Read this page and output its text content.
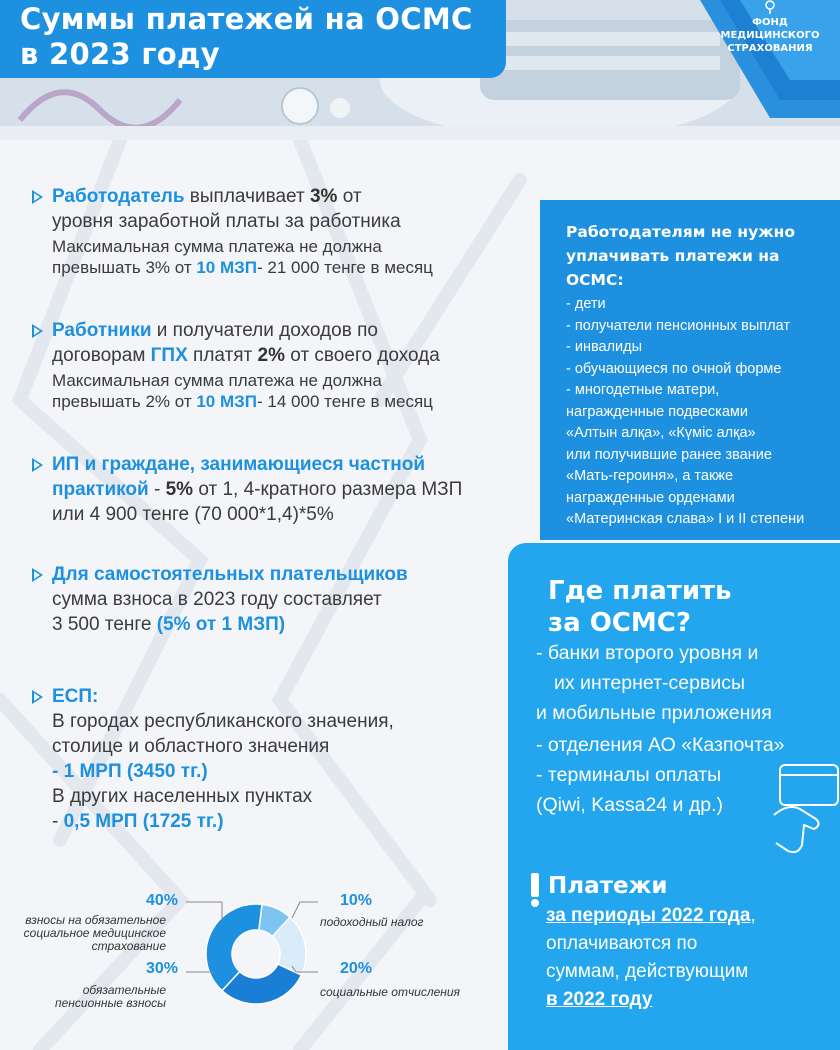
Суммы платежей на ОСМС
в 2023 году
ФОНД
МЕДИЦИНСКОГО
СТРАХОВАНИЯ
Работодатель выплачивает 3% от
уровня заработной платы за работника
Максимальная сумма платежа не должна
превышать 3% от 10 МЗП- 21 000 тенге в месяц
Работники и получатели доходов по
договорам ГПХ платят 2% от своего дохода
Максимальная сумма платежа не должна
превышать 2% от 10 МЗП- 14 000 тенге в месяц
ИП и граждане, занимающиеся частной
практикой - 5% от 1, 4-кратного размера МЗП
или 4 900 тенге (70 000*1,4)*5%
Для самостоятельных плательщиков
сумма взноса в 2023 году составляет
3 500 тенге (5% от 1 МЗП)
ЕСП:
В городах республиканского значения,
столице и областного значения
- 1 МРП (3450 тг.)
В других населенных пунктах
- 0,5 МРП (1725 тг.)
Работодателям не нужно
уплачивать платежи на ОСМС:
- дети
- получатели пенсионных выплат
- инвалиды
- обучающиеся по очной форме
- многодетные матери,
награжденные подвесками
«Алтын алқа», «Күміс алқа»
или получившие ранее звание
«Мать-героиня», а также
награжденные орденами
«Материнская слава» I и II степени
Где платить
за ОСМС?
- банки второго уровня и
их интернет-сервисы
и мобильные приложения
- отделения АО «Казпочта»
- терминалы оплаты
(Qiwi, Kassa24 и др.)
Платежи
за периоды 2022 года,
оплачиваются по
суммам, действующим
в 2022 году
40%
взносы на обязательное социальное медицинское страхование
10%
подоходный налог
20%
социальные отчисления
30%
обязательные пенсионные взносы
